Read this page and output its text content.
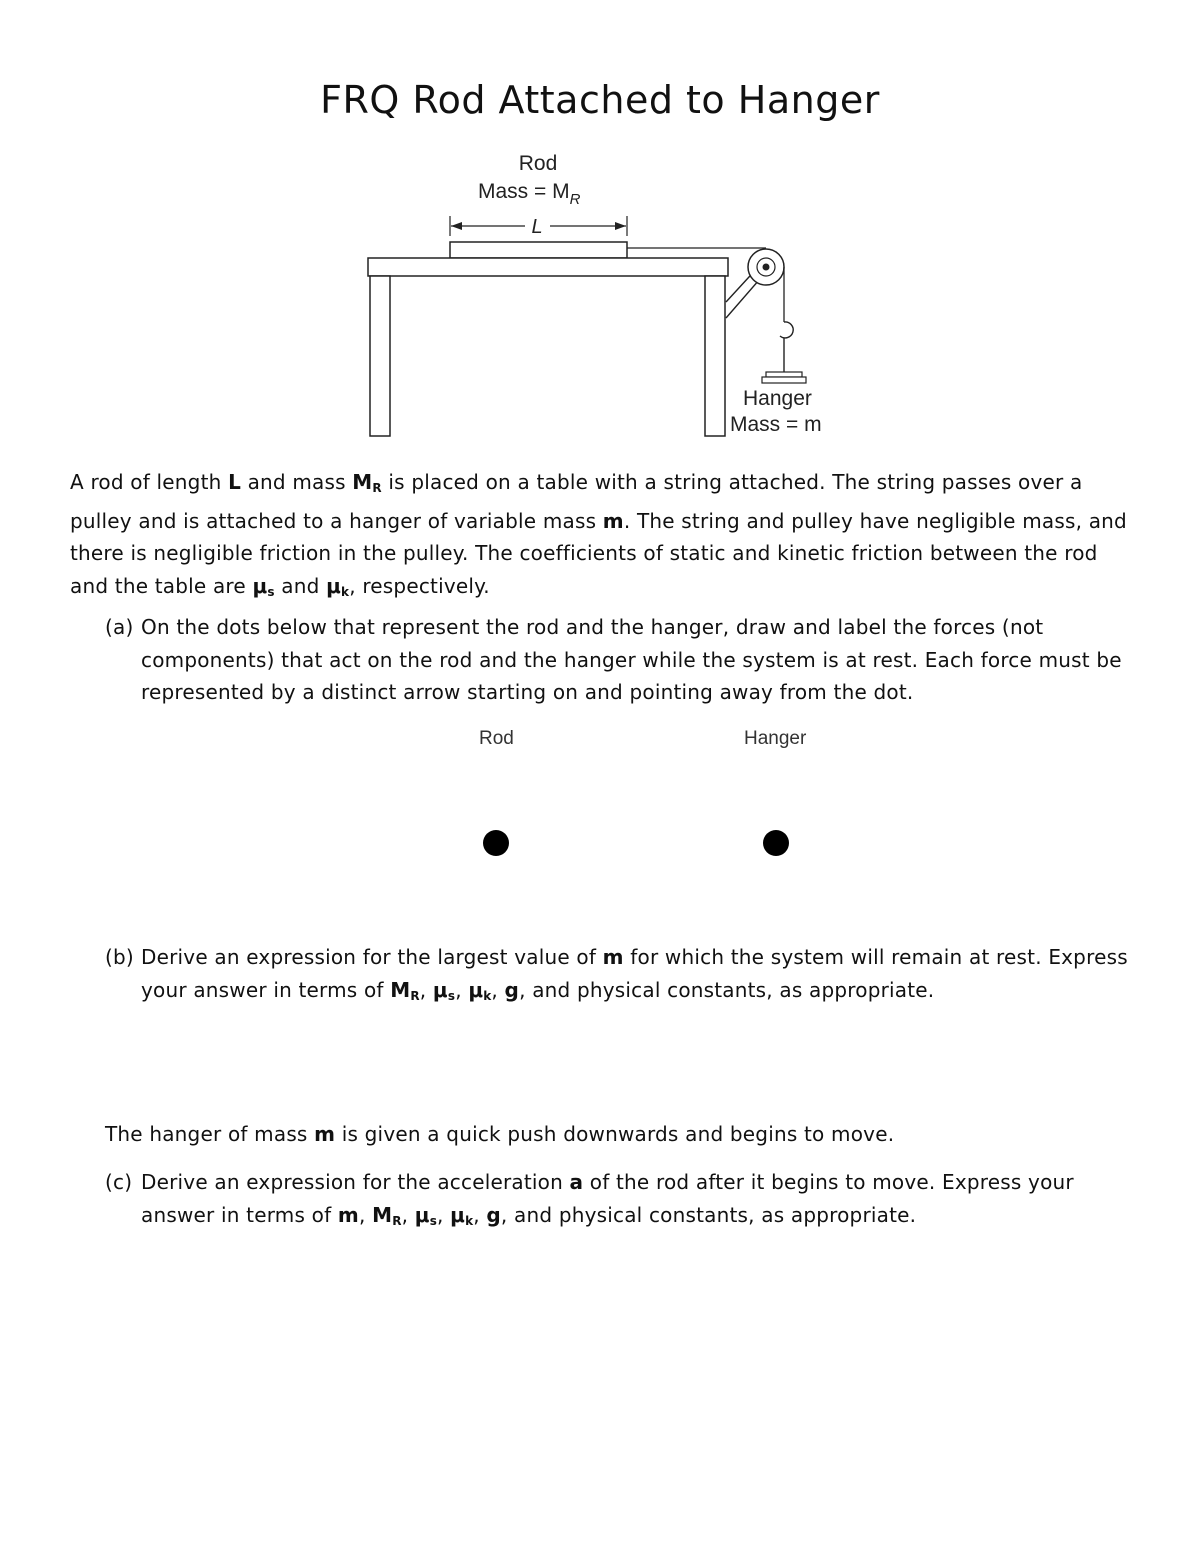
FRQ Rod Attached to Hanger
Rod
Mass = $M_R$
L
Hanger
Mass = m
A rod of length L and mass $M_R$ is placed on a table with a string attached. The string passes over a pulley and is attached to a hanger of variable mass m. The string and pulley have negligible mass, and there is negligible friction in the pulley. The coefficients of static and kinetic friction between the rod and the table are $\mu_s$ and $\mu_k$, respectively.
(a) On the dots below that represent the rod and the hanger, draw and label the forces (not components) that act on the rod and the hanger while the system is at rest. Each force must be represented by a distinct arrow starting on and pointing away from the dot.
Rod	Hanger
(b) Derive an expression for the largest value of m for which the system will remain at rest. Express your answer in terms of $M_R$, $\mu_s$, $\mu_k$, g, and physical constants, as appropriate.
The hanger of mass m is given a quick push downwards and begins to move.
(c) Derive an expression for the acceleration a of the rod after it begins to move. Express your answer in terms of m, $M_R$, $\mu_s$, $\mu_k$, g, and physical constants, as appropriate.
